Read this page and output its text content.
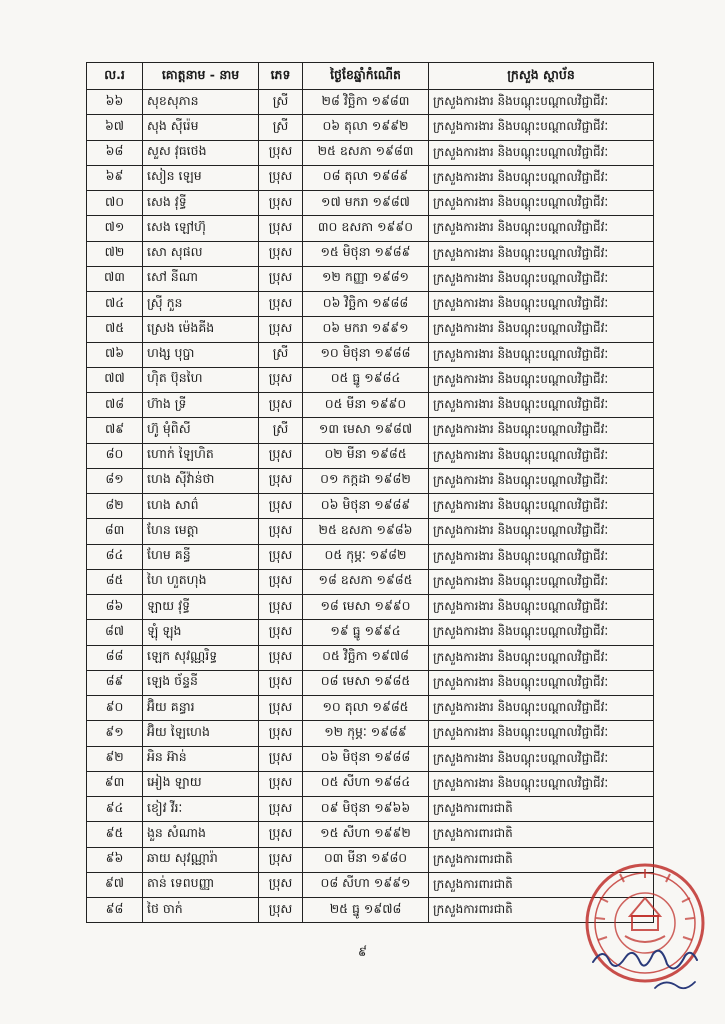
ល.រ	គោត្តនាម - នាម	ភេទ	ថ្ងៃខែឆ្នាំកំណើត	ក្រសួង ស្ថាប័ន
៦៦	សុខសុភាន	ស្រី	២៨ វិច្ឆិកា ១៩៨៣	ក្រសួងការងារ និងបណ្តុះបណ្តាលវិជ្ជាជីវៈ
៦៧	សុង ស៊ីរ៉េម	ស្រី	០៦ តុលា ១៩៩២	ក្រសួងការងារ និងបណ្តុះបណ្តាលវិជ្ជាជីវៈ
៦៨	សួស វុធថេង	ប្រុស	២៥ ឧសភា ១៩៨៣	ក្រសួងការងារ និងបណ្តុះបណ្តាលវិជ្ជាជីវៈ
៦៩	សៀន ឡេម	ប្រុស	០៨ តុលា ១៩៨៩	ក្រសួងការងារ និងបណ្តុះបណ្តាលវិជ្ជាជីវៈ
៧០	សេង វុទ្ធី	ប្រុស	១៧ មករា ១៩៨៧	ក្រសួងការងារ និងបណ្តុះបណ្តាលវិជ្ជាជីវៈ
៧១	សេង ឡៅហ៊ុ	ប្រុស	៣០ ឧសភា ១៩៩០	ក្រសួងការងារ និងបណ្តុះបណ្តាលវិជ្ជាជីវៈ
៧២	សោ សុផល	ប្រុស	១៥ មិថុនា ១៩៨៩	ក្រសួងការងារ និងបណ្តុះបណ្តាលវិជ្ជាជីវៈ
៧៣	សៅ នីណា	ប្រុស	១២ កញ្ញា ១៩៨១	ក្រសួងការងារ និងបណ្តុះបណ្តាលវិជ្ជាជីវៈ
៧៤	ស្រ៊ី កួន	ប្រុស	០៦ វិច្ឆិកា ១៩៨៨	ក្រសួងការងារ និងបណ្តុះបណ្តាលវិជ្ជាជីវៈ
៧៥	ស្រេង ម៉េងគីង	ប្រុស	០៦ មករា ១៩៩១	ក្រសួងការងារ និងបណ្តុះបណ្តាលវិជ្ជាជីវៈ
៧៦	ហង្ស បុប្ផា	ស្រី	១០ មិថុនា ១៩៨៨	ក្រសួងការងារ និងបណ្តុះបណ្តាលវិជ្ជាជីវៈ
៧៧	ហ៊ិត ប៊ុនហៃ	ប្រុស	០៥ ធ្នូ ១៩៨៤	ក្រសួងការងារ និងបណ្តុះបណ្តាលវិជ្ជាជីវៈ
៧៨	ហ៊ាង ទ្រី	ប្រុស	០៥ មីនា ១៩៩០	ក្រសួងការងារ និងបណ្តុះបណ្តាលវិជ្ជាជីវៈ
៧៩	ហ៊ូ មុំពិសី	ស្រី	១៣ មេសា ១៩៨៧	ក្រសួងការងារ និងបណ្តុះបណ្តាលវិជ្ជាជីវៈ
៨០	ហោក់ ឡៃហិត	ប្រុស	០២ មីនា ១៩៨៥	ក្រសួងការងារ និងបណ្តុះបណ្តាលវិជ្ជាជីវៈ
៨១	ហេង ស៊ីវ៉ាន់ថា	ប្រុស	០១ កក្កដា ១៩៨២	ក្រសួងការងារ និងបណ្តុះបណ្តាលវិជ្ជាជីវៈ
៨២	ហេង សាព៌	ប្រុស	០៦ មិថុនា ១៩៨៩	ក្រសួងការងារ និងបណ្តុះបណ្តាលវិជ្ជាជីវៈ
៨៣	ហែន មេត្តា	ប្រុស	២៥ ឧសភា ១៩៨៦	ក្រសួងការងារ និងបណ្តុះបណ្តាលវិជ្ជាជីវៈ
៨៤	ហែម គន្ធី	ប្រុស	០៥ កុម្ភៈ ១៩៨២	ក្រសួងការងារ និងបណ្តុះបណ្តាលវិជ្ជាជីវៈ
៨៥	ហៃ ហួតហុង	ប្រុស	១៨ ឧសភា ១៩៨៥	ក្រសួងការងារ និងបណ្តុះបណ្តាលវិជ្ជាជីវៈ
៨៦	ឡាយ វុទ្ធី	ប្រុស	១៨ មេសា ១៩៩០	ក្រសួងការងារ និងបណ្តុះបណ្តាលវិជ្ជាជីវៈ
៨៧	ឡុំ ឡុង	ប្រុស	១៩ ធ្នូ ១៩៩៤	ក្រសួងការងារ និងបណ្តុះបណ្តាលវិជ្ជាជីវៈ
៨៨	ឡេក សុវណ្ណរិទ្ធ	ប្រុស	០៥ វិច្ឆិកា ១៩៧៨	ក្រសួងការងារ និងបណ្តុះបណ្តាលវិជ្ជាជីវៈ
៨៩	ឡេង ច័ន្ទនី	ប្រុស	០៨ មេសា ១៩៨៥	ក្រសួងការងារ និងបណ្តុះបណ្តាលវិជ្ជាជីវៈ
៩០	អ៊ិយ គន្ធារ	ប្រុស	១០ តុលា ១៩៨៥	ក្រសួងការងារ និងបណ្តុះបណ្តាលវិជ្ជាជីវៈ
៩១	អ៊ិយ ឡៃហេង	ប្រុស	១២ កុម្ភៈ ១៩៨៩	ក្រសួងការងារ និងបណ្តុះបណ្តាលវិជ្ជាជីវៈ
៩២	អិន អ៊ាន់	ប្រុស	០៦ មិថុនា ១៩៨៨	ក្រសួងការងារ និងបណ្តុះបណ្តាលវិជ្ជាជីវៈ
៩៣	អៀង ឡាយ	ប្រុស	០៥ សីហា ១៩៨៤	ក្រសួងការងារ និងបណ្តុះបណ្តាលវិជ្ជាជីវៈ
៩៤	ខៀវ វីរៈ	ប្រុស	០៩ មិថុនា ១៩៦៦	ក្រសួងការពារជាតិ
៩៥	ងួន សំណាង	ប្រុស	១៥ សីហា ១៩៩២	ក្រសួងការពារជាតិ
៩៦	ឆាយ សុវណ្ណារ៉ា	ប្រុស	០៣ មីនា ១៩៨០	ក្រសួងការពារជាតិ
៩៧	តាន់ ទេពបញ្ញា	ប្រុស	០៨ សីហា ១៩៩១	ក្រសួងការពារជាតិ
៩៨	ថៃ ចាក់	ប្រុស	២៥ ធ្នូ ១៩៧៨	ក្រសួងការពារជាតិ
៩
